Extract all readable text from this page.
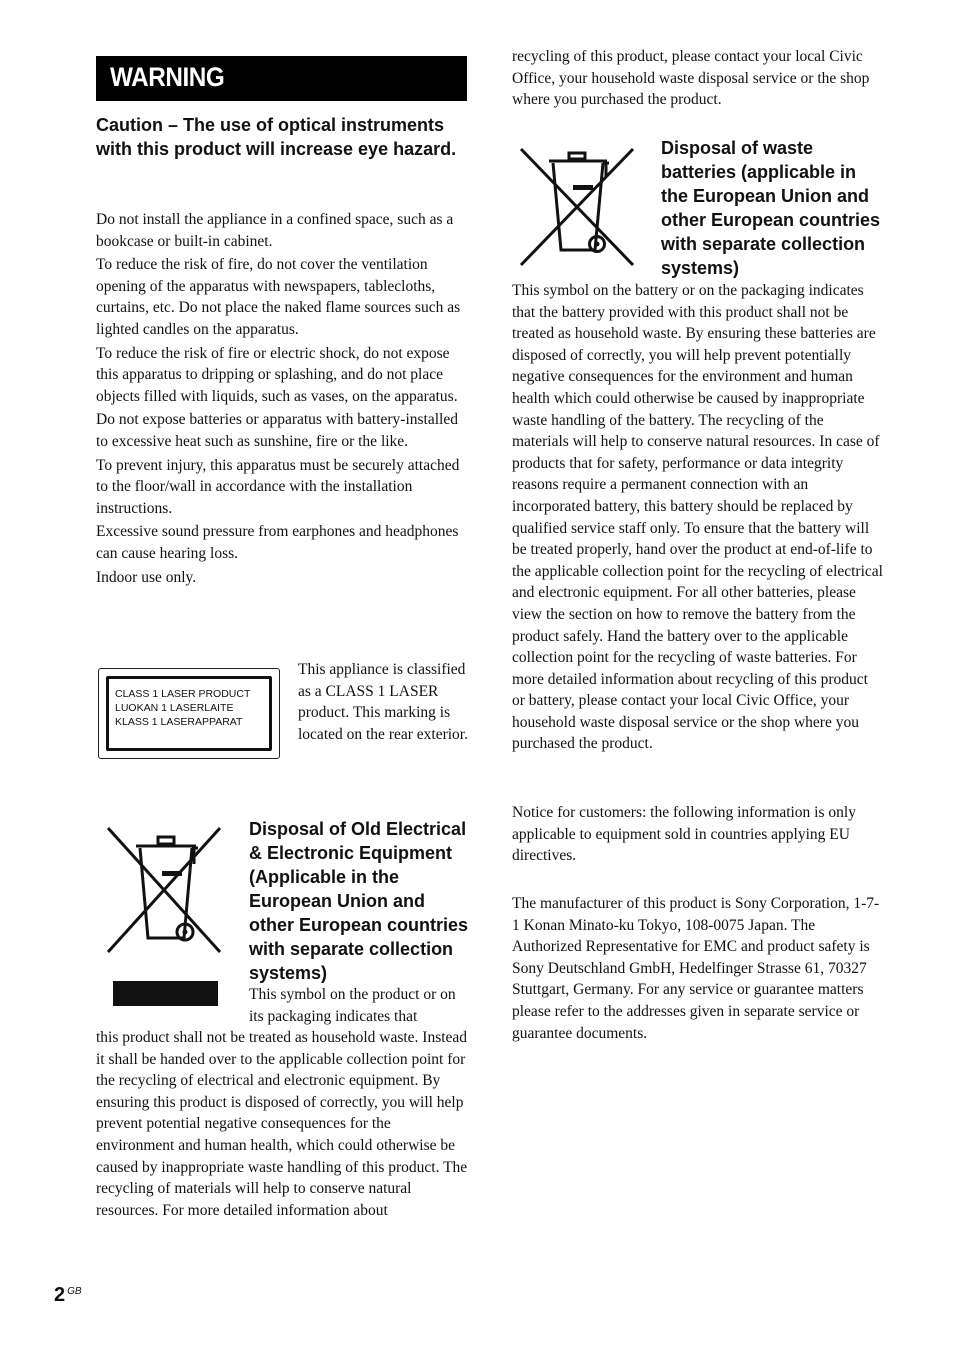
WARNING
Caution – The use of optical instruments with this product will increase eye hazard.

Do not install the appliance in a confined space, such as a bookcase or built-in cabinet.

To reduce the risk of fire, do not cover the ventilation opening of the apparatus with newspapers, tablecloths, curtains, etc. Do not place the naked flame sources such as lighted candles on the apparatus.

To reduce the risk of fire or electric shock, do not expose this apparatus to dripping or splashing, and do not place objects filled with liquids, such as vases, on the apparatus.

Do not expose batteries or apparatus with battery-installed to excessive heat such as sunshine, fire or the like.

To prevent injury, this apparatus must be securely attached to the floor/wall in accordance with the installation instructions.

Excessive sound pressure from earphones and headphones can cause hearing loss.

Indoor use only.

CLASS 1 LASER PRODUCT
LUOKAN 1 LASERLAITE
KLASS 1 LASERAPPARAT

This appliance is classified as a CLASS 1 LASER product. This marking is located on the rear exterior.

Disposal of Old Electrical & Electronic Equipment (Applicable in the European Union and other European countries with separate collection systems)

This symbol on the product or on its packaging indicates that

this product shall not be treated as household waste. Instead it shall be handed over to the applicable collection point for the recycling of electrical and electronic equipment. By ensuring this product is disposed of correctly, you will help prevent potential negative consequences for the environment and human health, which could otherwise be caused by inappropriate waste handling of this product. The recycling of materials will help to conserve natural resources. For more detailed information about

recycling of this product, please contact your local Civic Office, your household waste disposal service or the shop where you purchased the product.

Disposal of waste batteries (applicable in the European Union and other European countries with separate collection systems)

This symbol on the battery or on the packaging indicates that the battery provided with this product shall not be treated as household waste. By ensuring these batteries are disposed of correctly, you will help prevent potentially negative consequences for the environment and human health which could otherwise be caused by inappropriate waste handling of the battery. The recycling of the materials will help to conserve natural resources. In case of products that for safety, performance or data integrity reasons require a permanent connection with an incorporated battery, this battery should be replaced by qualified service staff only. To ensure that the battery will be treated properly, hand over the product at end-of-life to the applicable collection point for the recycling of electrical and electronic equipment. For all other batteries, please view the section on how to remove the battery from the product safely. Hand the battery over to the applicable collection point for the recycling of waste batteries. For more detailed information about recycling of this product or battery, please contact your local Civic Office, your household waste disposal service or the shop where you purchased the product.

Notice for customers: the following information is only applicable to equipment sold in countries applying EU directives.

The manufacturer of this product is Sony Corporation, 1-7-1 Konan Minato-ku Tokyo, 108-0075 Japan. The Authorized Representative for EMC and product safety is Sony Deutschland GmbH, Hedelfinger Strasse 61, 70327 Stuttgart, Germany. For any service or guarantee matters please refer to the addresses given in separate service or guarantee documents.

2 $^{GB}$
